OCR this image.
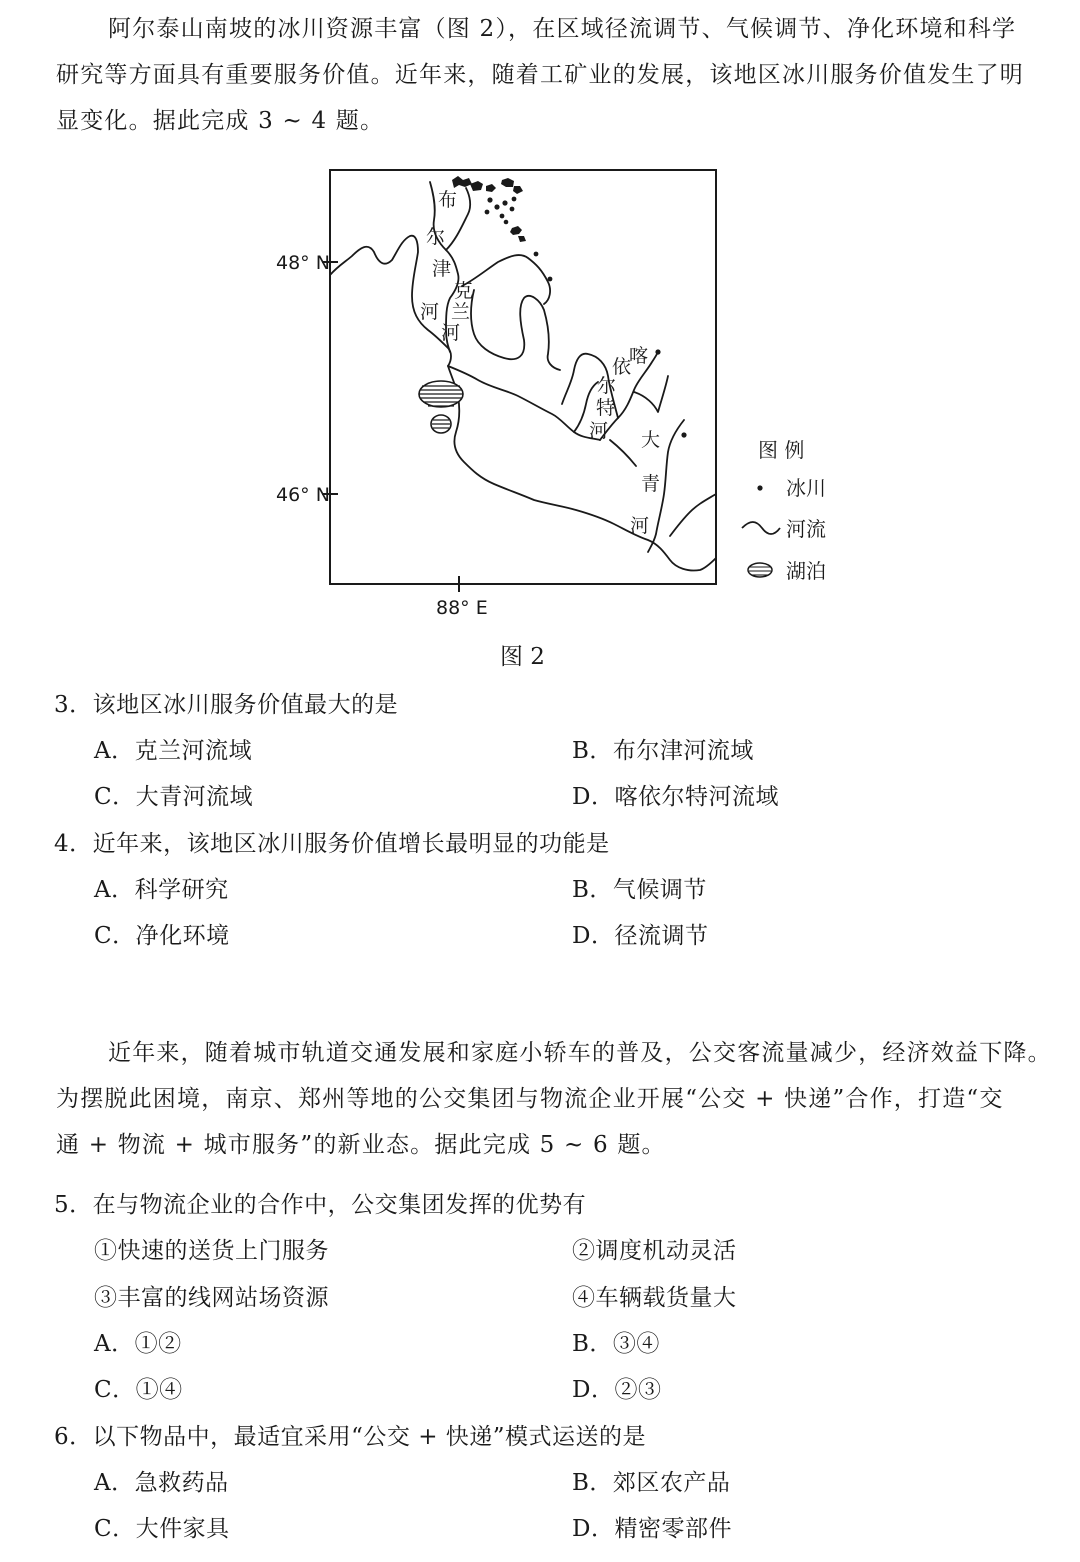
阿尔泰山南坡的冰川资源丰富（图 2），在区域径流调节、气候调节、净化环境和科学
研究等方面具有重要服务价值。近年来，随着工矿业的发展，该地区冰川服务价值发生了明
显变化。据此完成 3 ~ 4 题。
48° N
46° N
88° E
布
尔
津
河
克
兰
河
喀
依
尔
特
河 大
青
河
图 例
冰川
河流
湖泊
图 2
3．该地区冰川服务价值最大的是
A．克兰河流域	B．布尔津河流域
C．大青河流域	D．喀依尔特河流域
4．近年来，该地区冰川服务价值增长最明显的功能是
A．科学研究	B．气候调节
C．净化环境	D．径流调节
近年来，随着城市轨道交通发展和家庭小轿车的普及，公交客流量减少，经济效益下降。
为摆脱此困境，南京、郑州等地的公交集团与物流企业开展“公交 + 快递”合作，打造“交
通 + 物流 + 城市服务”的新业态。据此完成 5 ~ 6 题。
5．在与物流企业的合作中，公交集团发挥的优势有
①快速的送货上门服务	②调度机动灵活
③丰富的线网站场资源	④车辆载货量大
A．①②	B．③④
C．①④	D．②③
6．以下物品中，最适宜采用“公交 + 快递”模式运送的是
A．急救药品	B．郊区农产品
C．大件家具	D．精密零部件
